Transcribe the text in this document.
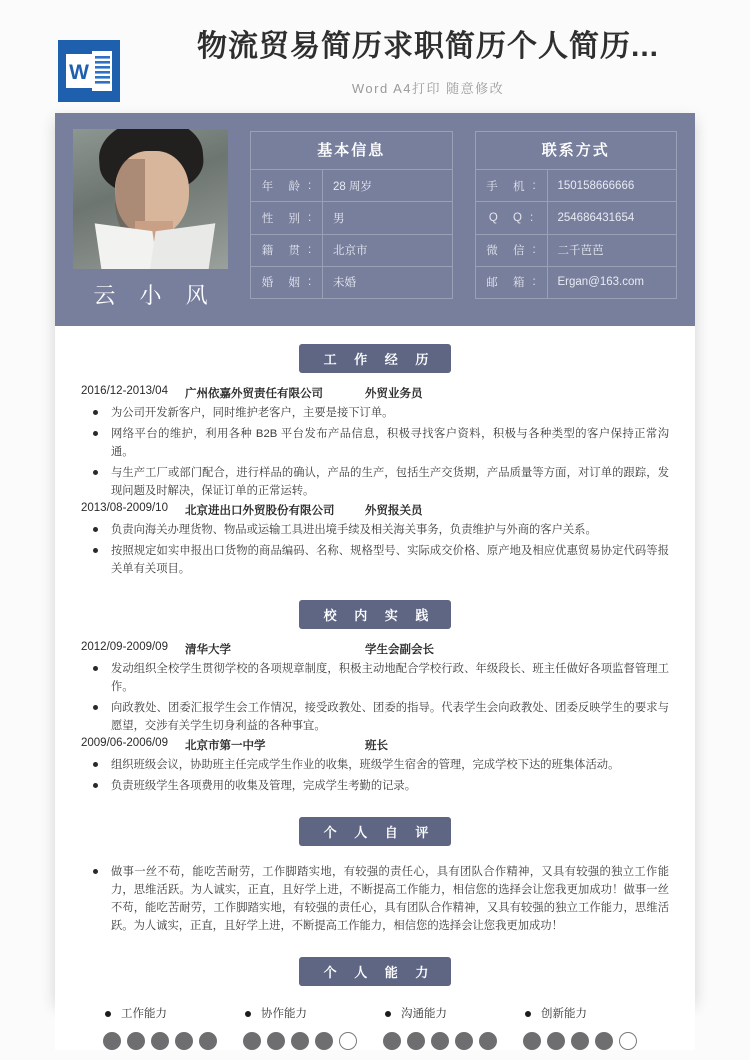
W
物流贸易简历求职简历个人简历...
Word A4打印 随意修改
云 小 风
基本信息
年 龄 :	28 周岁
性 别 :	男
籍 贯 :	北京市
婚 姻 :	未婚
联系方式
手 机 :	150158666666
Q Q :	254686431654
微 信 :	二千芭芭
邮 箱 :	Ergan@163.com
工 作 经 历
2016/12-2013/04	广州依嘉外贸责任有限公司	外贸业务员
为公司开发新客户，同时维护老客户，主要是接下订单。
网络平台的维护，利用各种 B2B 平台发布产品信息，积极寻找客户资料，积极与各种类型的客户保持正常沟通。
与生产工厂或部门配合，进行样品的确认，产品的生产，包括生产交货期，产品质量等方面，对订单的跟踪，发现问题及时解决，保证订单的正常运转。
2013/08-2009/10	北京进出口外贸股份有限公司	外贸报关员
负责向海关办理货物、物品或运输工具进出境手续及相关海关事务，负责维护与外商的客户关系。
按照规定如实申报出口货物的商品编码、名称、规格型号、实际成交价格、原产地及相应优惠贸易协定代码等报关单有关项目。
校 内 实 践
2012/09-2009/09	清华大学	学生会副会长
发动组织全校学生贯彻学校的各项规章制度，积极主动地配合学校行政、年级段长、班主任做好各项监督管理工作。
向政教处、团委汇报学生会工作情况，接受政教处、团委的指导。代表学生会向政教处、团委反映学生的要求与愿望，交涉有关学生切身利益的各种事宜。
2009/06-2006/09	北京市第一中学	班长
组织班级会议，协助班主任完成学生作业的收集，班级学生宿舍的管理，完成学校下达的班集体活动。
负责班级学生各项费用的收集及管理，完成学生考勤的记录。
个 人 自 评
做事一丝不苟，能吃苦耐劳，工作脚踏实地，有较强的责任心，具有团队合作精神，又具有较强的独立工作能力，思维活跃。为人诚实，正直，且好学上进，不断提高工作能力，相信您的选择会让您我更加成功！做事一丝不苟，能吃苦耐劳，工作脚踏实地，有较强的责任心，具有团队合作精神，又具有较强的独立工作能力，思维活跃。为人诚实，正直，且好学上进，不断提高工作能力，相信您的选择会让您我更加成功！
个 人 能 力
工作能力	协作能力	沟通能力	创新能力
